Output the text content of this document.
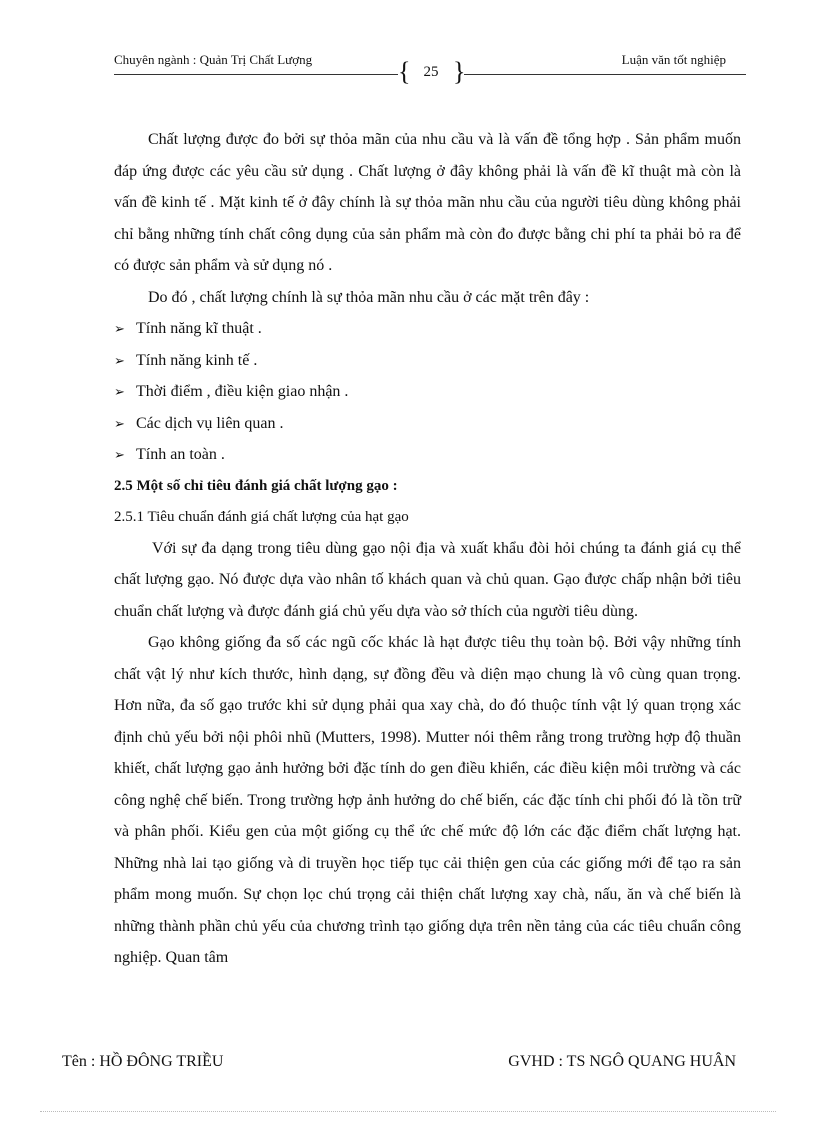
Chuyên ngành : Quản Trị Chất Lượng	Luận văn tốt nghiệp
{ }
25

Chất lượng được đo bởi sự thỏa mãn của nhu cầu và là vấn đề tổng hợp . Sản phẩm muốn đáp ứng được các yêu cầu sử dụng . Chất lượng ở đây không phải là vấn đề kĩ thuật mà còn là vấn đề kinh tế . Mặt kinh tế ở đây chính là sự thỏa mãn nhu cầu của người tiêu dùng không phải chỉ bằng những tính chất công dụng của sản phẩm mà còn đo được bằng chi phí ta phải bỏ ra để có được sản phẩm và sử dụng nó .

Do đó , chất lượng chính là sự thỏa mãn nhu cầu ở các mặt trên đây :

➢ Tính năng kĩ thuật .
➢ Tính năng kinh tế .
➢ Thời điểm , điều kiện giao nhận .
➢ Các dịch vụ liên quan .
➢ Tính an toàn .

2.5 Một số chỉ tiêu đánh giá chất lượng gạo :

2.5.1 Tiêu chuẩn đánh giá chất lượng của hạt gạo

Với sự đa dạng trong tiêu dùng gạo nội địa và xuất khẩu đòi hỏi chúng ta đánh giá cụ thể chất lượng gạo. Nó được dựa vào nhân tố khách quan và chủ quan. Gạo được chấp nhận bởi tiêu chuẩn chất lượng và được đánh giá chủ yếu dựa vào sở thích của người tiêu dùng.

Gạo không giống đa số các ngũ cốc khác là hạt được tiêu thụ toàn bộ. Bởi vậy những tính chất vật lý như kích thước, hình dạng, sự đồng đều và diện mạo chung là vô cùng quan trọng. Hơn nữa, đa số gạo trước khi sử dụng phải qua xay chà, do đó thuộc tính vật lý quan trọng xác định chủ yếu bởi nội phôi nhũ (Mutters, 1998). Mutter nói thêm rằng trong trường hợp độ thuần khiết, chất lượng gạo ảnh hưởng bởi đặc tính do gen điều khiển, các điều kiện môi trường và các công nghệ chế biến. Trong trường hợp ảnh hưởng do chế biến, các đặc tính chi phối đó là tồn trữ và phân phối. Kiểu gen của một giống cụ thể ức chế mức độ lớn các đặc điểm chất lượng hạt. Những nhà lai tạo giống và di truyền học tiếp tục cải thiện gen của các giống mới để tạo ra sản phẩm mong muốn. Sự chọn lọc chú trọng cải thiện chất lượng xay chà, nấu, ăn và chế biến là những thành phần chủ yếu của chương trình tạo giống dựa trên nền tảng của các tiêu chuẩn công nghiệp. Quan tâm

Tên : HỒ ĐÔNG TRIỀU	GVHD : TS NGÔ QUANG HUÂN
